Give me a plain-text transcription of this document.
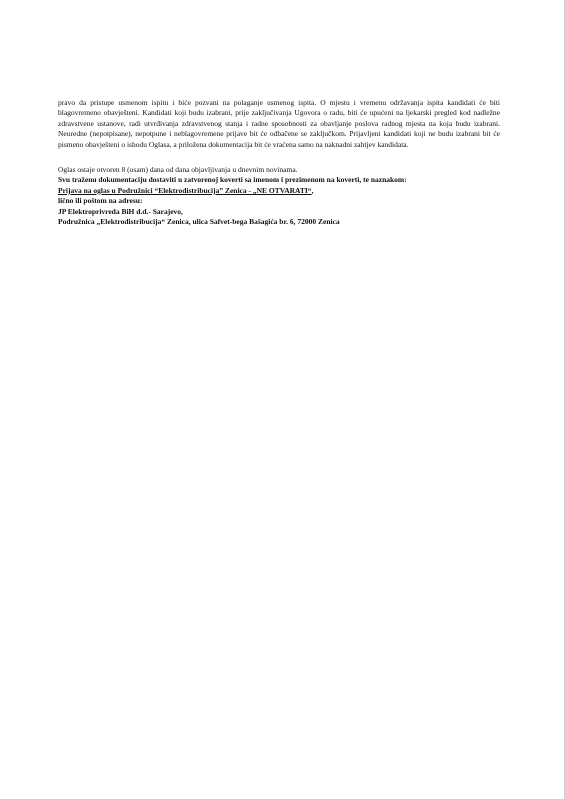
pravo da pristupe usmenom ispitu i biće pozvani na polaganje usmenog ispita. O mjestu i vremenu održavanja ispita kandidati će biti blagovremeno obavješteni. Kandidati koji budu izabrani, prije zaključivanja Ugovora o radu, biti će upućeni na ljekarski pregled kod nadležne zdravstvene ustanove, radi utvrđivanja zdravstvenog stanja i radne sposobnosti za obavljanje poslova radnog mjesta na koja budu izabrani. Neuredne (nepotpisane), nepotpune i neblagovremene prijave bit će odbačene se zaključkom. Prijavljeni kandidati koji ne budu izabrani bit će pismeno obavješteni o ishodu Oglasa, a priložena dokumentacija bit će vraćena samo na naknadni zahtjev kandidata.

Oglas ostaje otvoren 8 (osam) dana od dana objavljivanja u dnevnim novinama.

Svu traženu dokumentaciju dostaviti u zatvorenoj koverti sa imenom i prezimenom na koverti, te naznakom:

Prijava na oglas u Podružnici “Elektrodistribucija” Zenica - „NE OTVARATI“,

lično ili poštom na adresu:

JP Elektroprivreda BiH d.d.- Sarajevo,

Podružnica „Elektrodistribucija“ Zenica, ulica Safvet-bega Bašagića br. 6, 72000 Zenica
